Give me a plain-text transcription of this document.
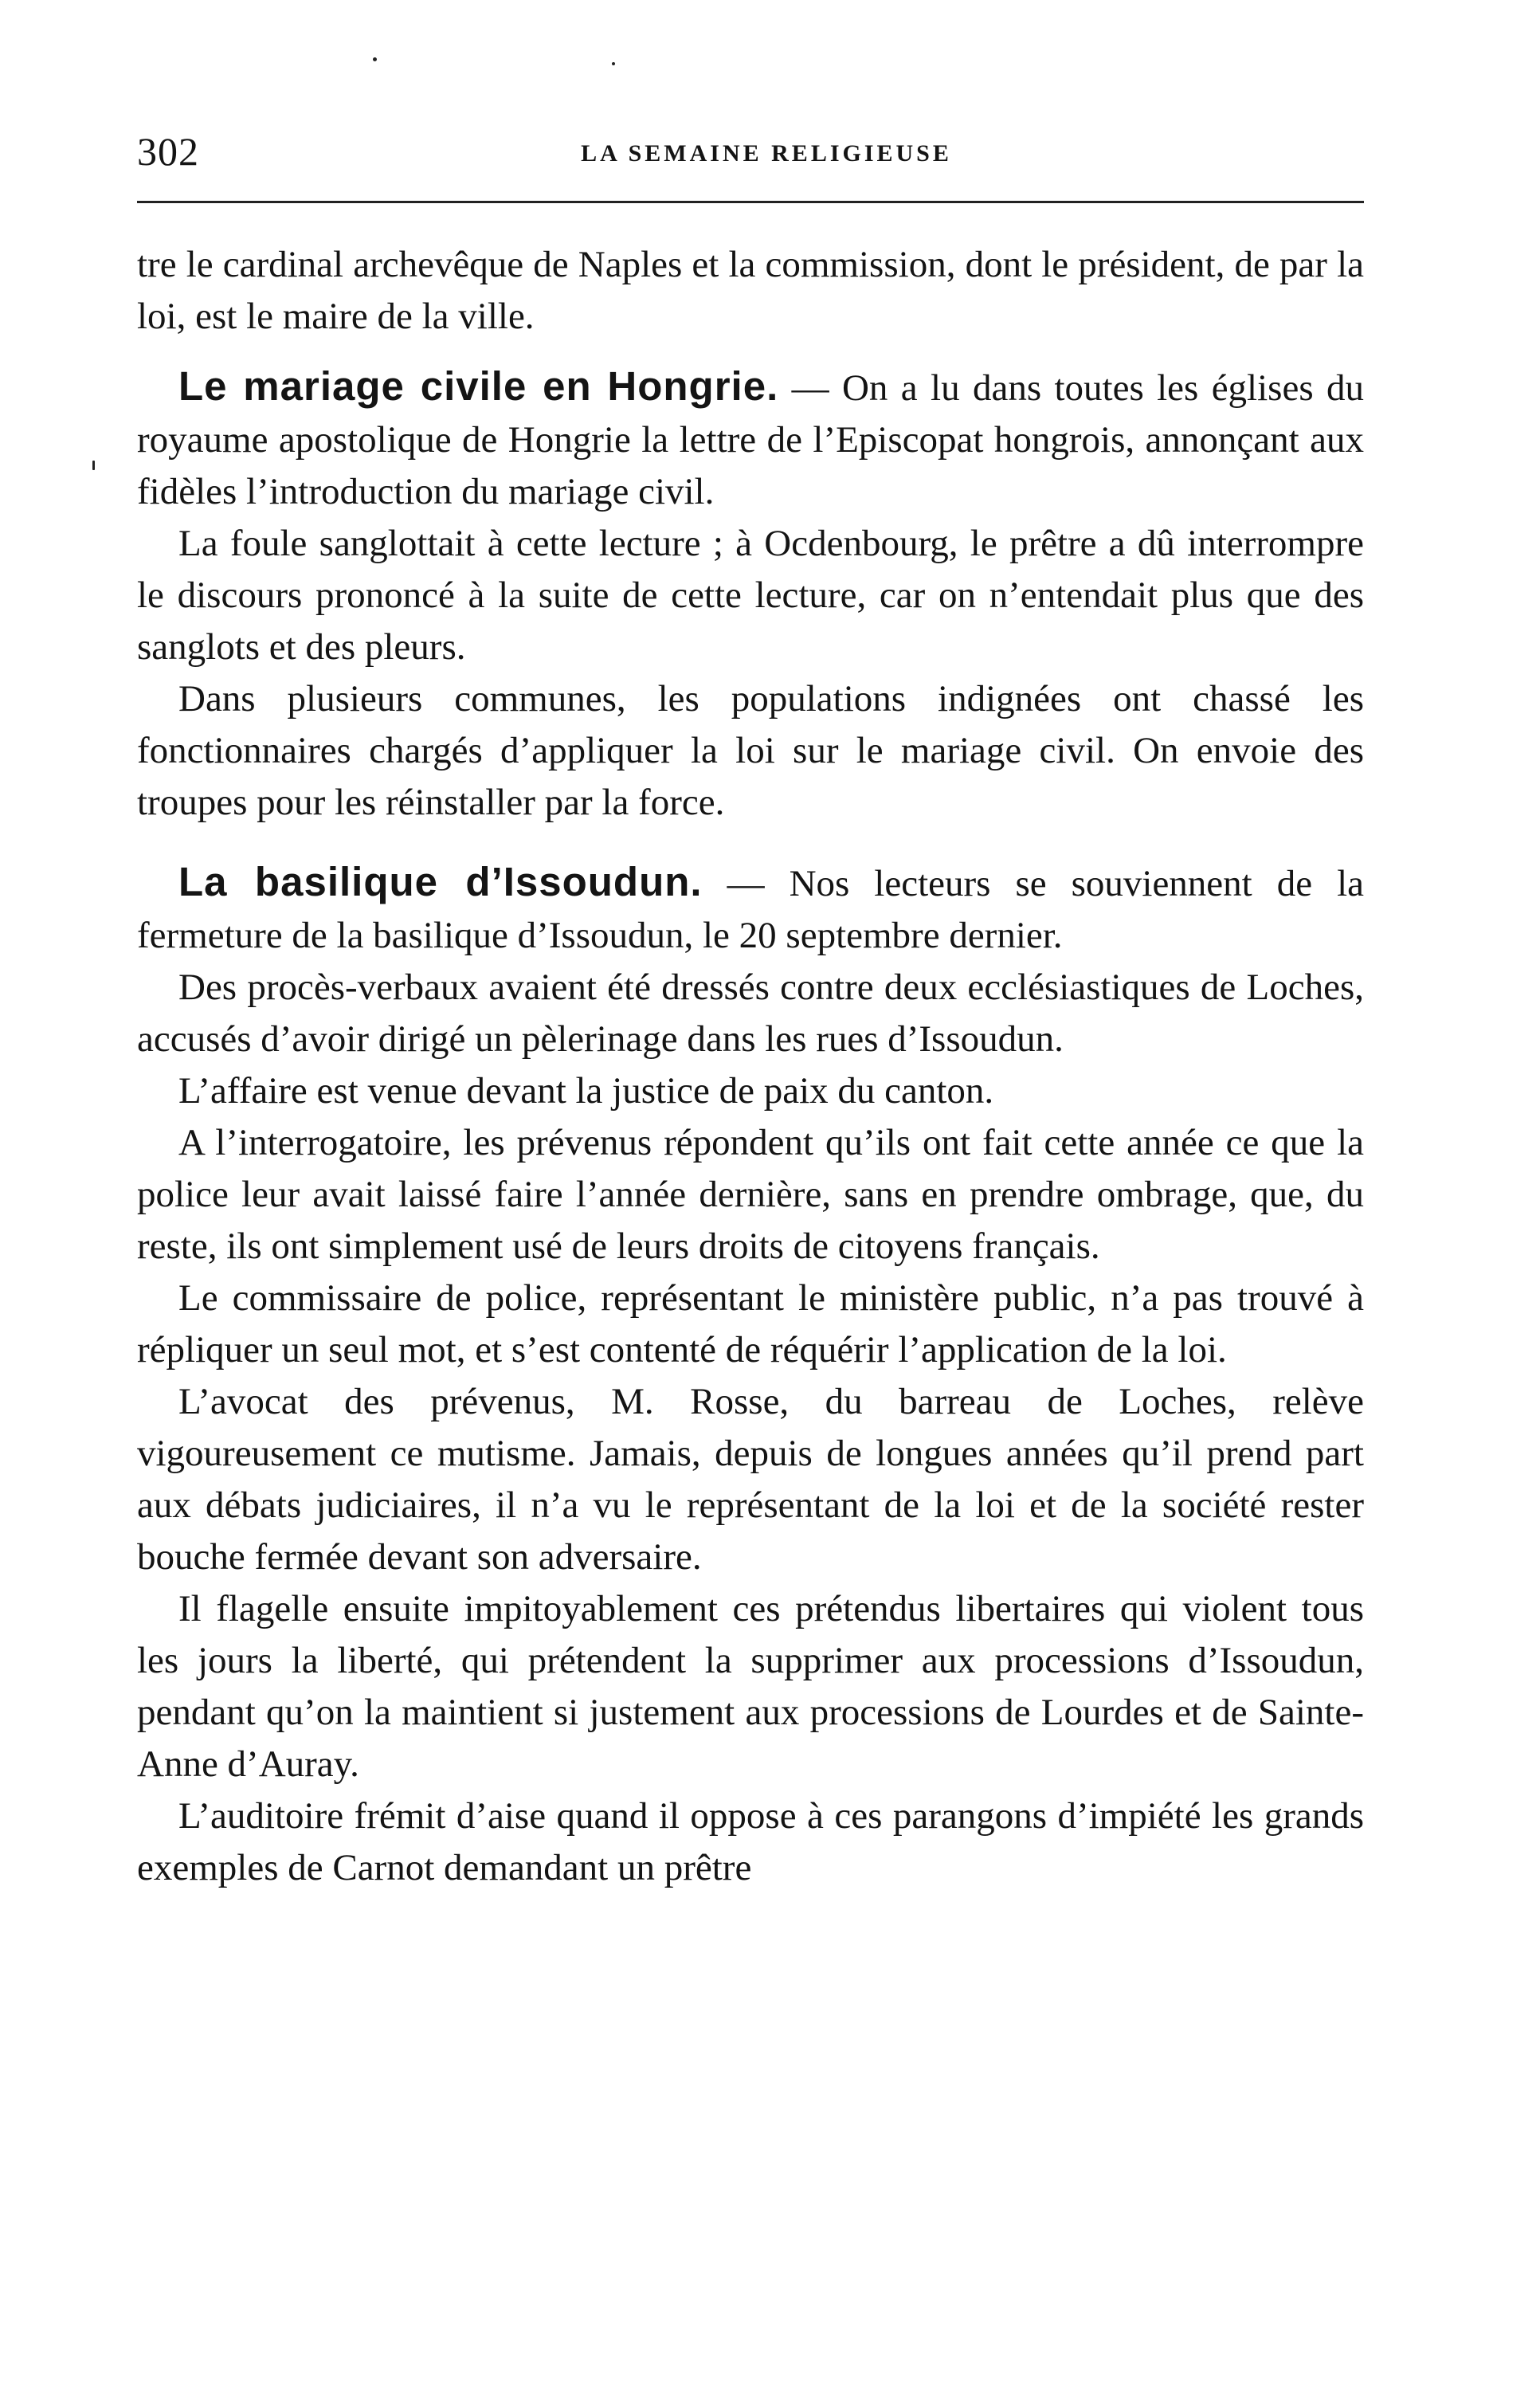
302	LA SEMAINE RELIGIEUSE

tre le cardinal archevêque de Naples et la commission, dont le président, de par la loi, est le maire de la ville.

Le mariage civile en Hongrie. — On a lu dans toutes les églises du royaume apostolique de Hongrie la lettre de l’Episcopat hongrois, annonçant aux fidèles l’introduction du mariage civil.

La foule sanglottait à cette lecture ; à Ocdenbourg, le prêtre a dû interrompre le discours prononcé à la suite de cette lecture, car on n’entendait plus que des sanglots et des pleurs.

Dans plusieurs communes, les populations indignées ont chassé les fonctionnaires chargés d’appliquer la loi sur le mariage civil. On envoie des troupes pour les réinstaller par la force.

La basilique d’Issoudun. — Nos lecteurs se souviennent de la fermeture de la basilique d’Issoudun, le 20 septembre dernier.

Des procès-verbaux avaient été dressés contre deux ecclésiastiques de Loches, accusés d’avoir dirigé un pèlerinage dans les rues d’Issoudun.

L’affaire est venue devant la justice de paix du canton.

A l’interrogatoire, les prévenus répondent qu’ils ont fait cette année ce que la police leur avait laissé faire l’année dernière, sans en prendre ombrage, que, du reste, ils ont simplement usé de leurs droits de citoyens français.

Le commissaire de police, représentant le ministère public, n’a pas trouvé à répliquer un seul mot, et s’est contenté de réquérir l’application de la loi.

L’avocat des prévenus, M. Rosse, du barreau de Loches, relève vigoureusement ce mutisme. Jamais, depuis de longues années qu’il prend part aux débats judiciaires, il n’a vu le représentant de la loi et de la société rester bouche fermée devant son adversaire.

Il flagelle ensuite impitoyablement ces prétendus libertaires qui violent tous les jours la liberté, qui prétendent la supprimer aux processions d’Issoudun, pendant qu’on la maintient si justement aux processions de Lourdes et de Sainte-Anne d’Auray.

L’auditoire frémit d’aise quand il oppose à ces parangons d’impiété les grands exemples de Carnot demandant un prêtre
